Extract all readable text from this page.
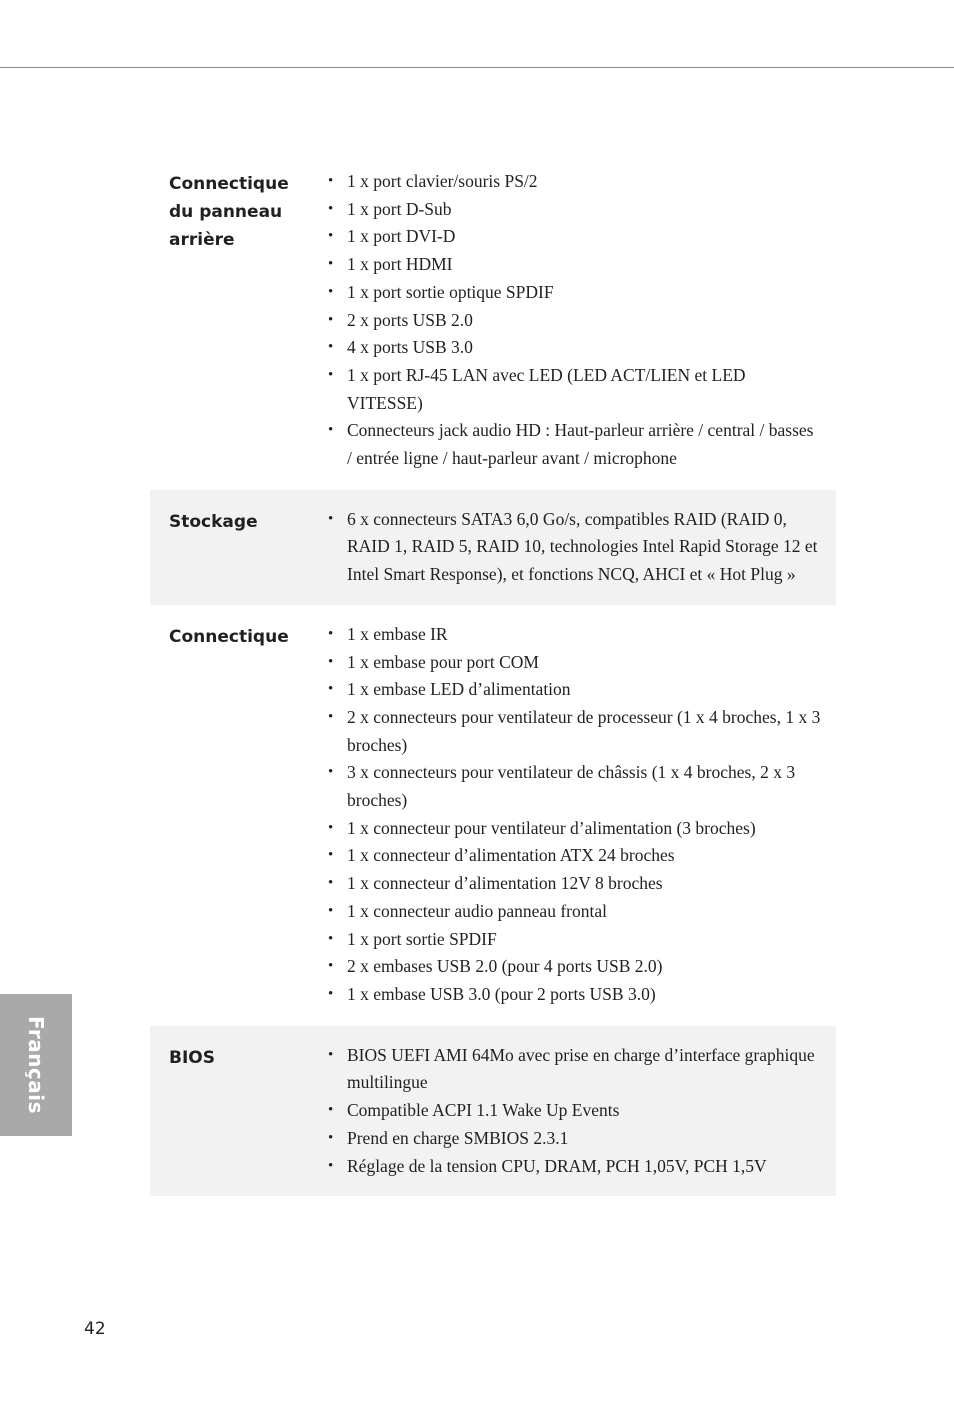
Connectique du panneau arrière
• 1 x port clavier/souris PS/2
• 1 x port D-Sub
• 1 x port DVI-D
• 1 x port HDMI
• 1 x port sortie optique SPDIF
• 2 x ports USB 2.0
• 4 x ports USB 3.0
• 1 x port RJ-45 LAN avec LED (LED ACT/LIEN et LED VITESSE)
• Connecteurs jack audio HD : Haut-parleur arrière / central / basses / entrée ligne / haut-parleur avant / microphone
Stockage	• 6 x connecteurs SATA3 6,0 Go/s, compatibles RAID (RAID 0, RAID 1, RAID 5, RAID 10, technologies Intel Rapid Storage 12 et Intel Smart Response), et fonctions NCQ, AHCI et « Hot Plug »
Connectique	• 1 x embase IR
• 1 x embase pour port COM
• 1 x embase LED d’alimentation
• 2 x connecteurs pour ventilateur de processeur (1 x 4 broches, 1 x 3 broches)
• 3 x connecteurs pour ventilateur de châssis (1 x 4 broches, 2 x 3 broches)
• 1 x connecteur pour ventilateur d’alimentation (3 broches)
• 1 x connecteur d’alimentation ATX 24 broches
• 1 x connecteur d’alimentation 12V 8 broches
• 1 x connecteur audio panneau frontal
• 1 x port sortie SPDIF
• 2 x embases USB 2.0 (pour 4 ports USB 2.0)
• 1 x embase USB 3.0 (pour 2 ports USB 3.0)
BIOS	• BIOS UEFI AMI 64Mo avec prise en charge d’interface graphique multilingue
• Compatible ACPI 1.1 Wake Up Events
• Prend en charge SMBIOS 2.3.1
• Réglage de la tension CPU, DRAM, PCH 1,05V, PCH 1,5V
Français
42
